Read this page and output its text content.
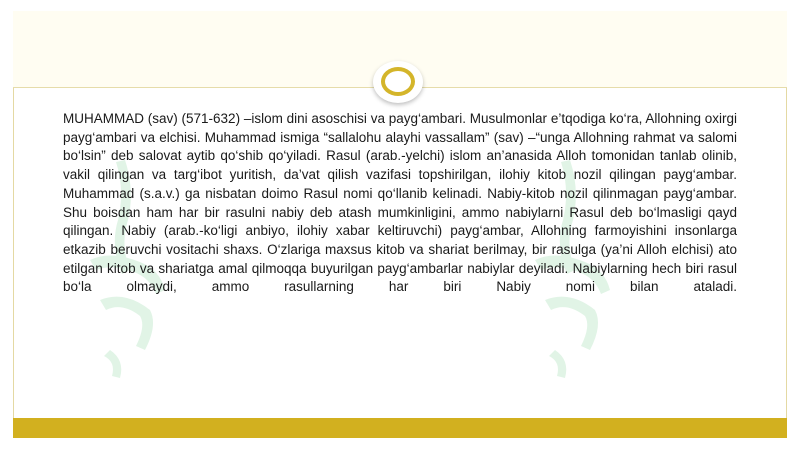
MUHAMMAD (sav) (571-632) –islom dini asoschisi va payg‘ambari. Musulmonlar e’tqodiga ko‘ra, Allohning oxirgi payg‘ambari va elchisi. Muhammad ismiga “sallalohu alayhi vassallam” (sav) –“unga Allohning rahmat va salomi bo‘lsin” deb salovat aytib qo‘shib qo‘yiladi. Rasul (arab.-yelchi) islom an’anasida Alloh tomonidan tanlab olinib, vakil qilingan va targ‘ibot yuritish, da’vat qilish vazifasi topshirilgan, ilohiy kitob nozil qilingan payg‘ambar. Muhammad (s.a.v.) ga nisbatan doimo Rasul nomi qo‘llanib kelinadi. Nabiy-kitob nozil qilinmagan payg‘ambar. Shu boisdan ham har bir rasulni nabiy deb atash mumkinligini, ammo nabiylarni Rasul deb bo‘lmasligi qayd qilingan. Nabiy (arab.-ko‘ligi anbiyo, ilohiy xabar keltiruvchi) payg‘ambar, Allohning farmoyishini insonlarga etkazib beruvchi vositachi shaxs. O‘zlariga maxsus kitob va shariat berilmay, bir rasulga (ya’ni Alloh elchisi) ato etilgan kitob va shariatga amal qilmoqqa buyurilgan payg‘ambarlar nabiylar deyiladi. Nabiylarning hech biri rasul bo‘la olmaydi, ammo rasullarning har biri Nabiy nomi bilan ataladi.
